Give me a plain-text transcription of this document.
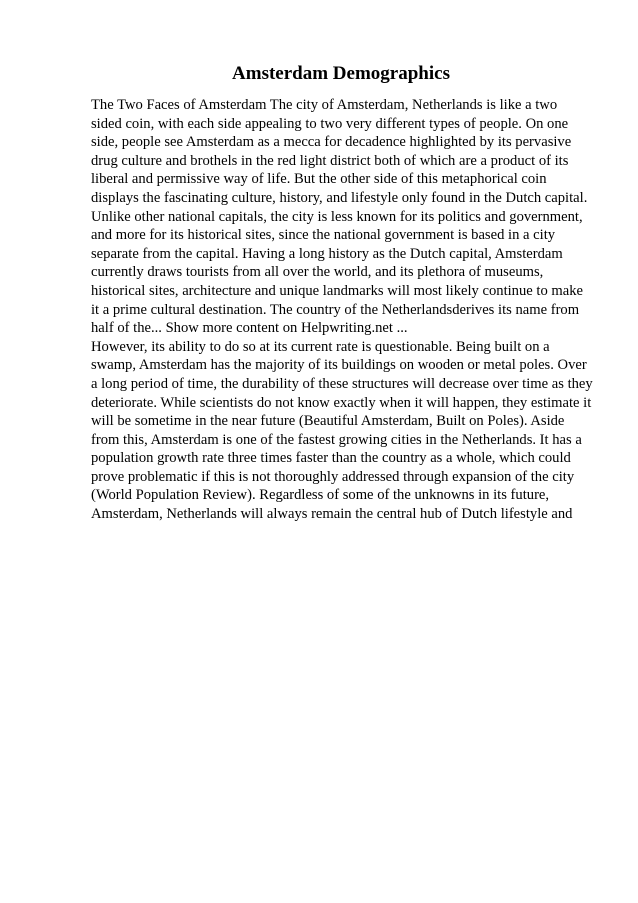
Amsterdam Demographics
The Two Faces of Amsterdam The city of Amsterdam, Netherlands is like a two
sided coin, with each side appealing to two very different types of people. On one
side, people see Amsterdam as a mecca for decadence highlighted by its pervasive
drug culture and brothels in the red light district both of which are a product of its
liberal and permissive way of life. But the other side of this metaphorical coin
displays the fascinating culture, history, and lifestyle only found in the Dutch capital.
Unlike other national capitals, the city is less known for its politics and government,
and more for its historical sites, since the national government is based in a city
separate from the capital. Having a long history as the Dutch capital, Amsterdam
currently draws tourists from all over the world, and its plethora of museums,
historical sites, architecture and unique landmarks will most likely continue to make
it a prime cultural destination. The country of the Netherlandsderives its name from
half of the... Show more content on Helpwriting.net ...
However, its ability to do so at its current rate is questionable. Being built on a
swamp, Amsterdam has the majority of its buildings on wooden or metal poles. Over
a long period of time, the durability of these structures will decrease over time as they
deteriorate. While scientists do not know exactly when it will happen, they estimate it
will be sometime in the near future (Beautiful Amsterdam, Built on Poles). Aside
from this, Amsterdam is one of the fastest growing cities in the Netherlands. It has a
population growth rate three times faster than the country as a whole, which could
prove problematic if this is not thoroughly addressed through expansion of the city
(World Population Review). Regardless of some of the unknowns in its future,
Amsterdam, Netherlands will always remain the central hub of Dutch lifestyle and
